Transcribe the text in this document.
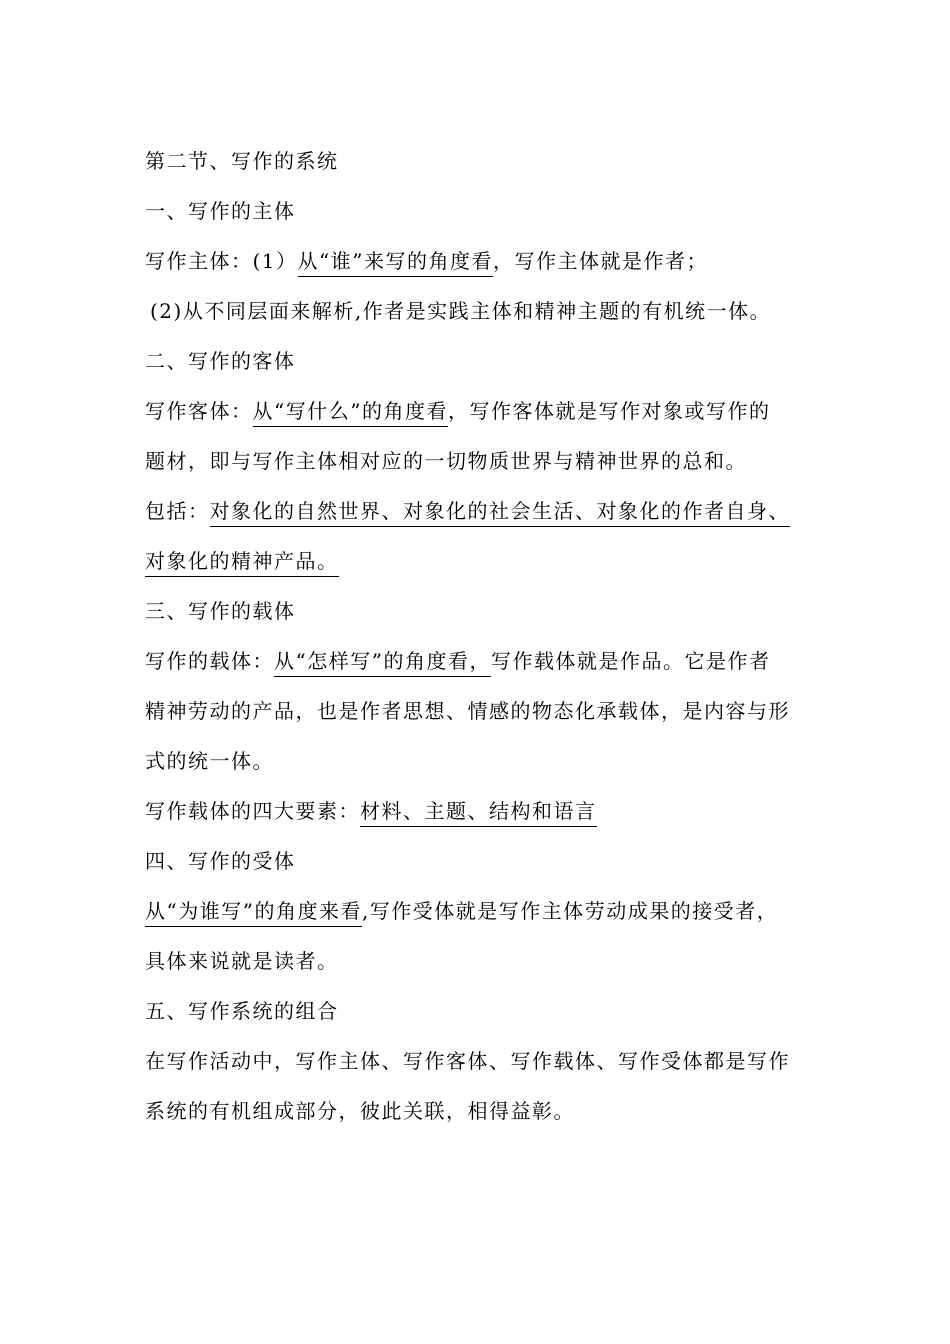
第二节、写作的系统
一、写作的主体
写作主体：(1）从“谁”来写的角度看，写作主体就是作者；
(2)从不同层面来解析,作者是实践主体和精神主题的有机统一体。
二、写作的客体
写作客体：从“写什么”的角度看，写作客体就是写作对象或写作的
题材，即与写作主体相对应的一切物质世界与精神世界的总和。
包括：对象化的自然世界、对象化的社会生活、对象化的作者自身、
对象化的精神产品。
三、写作的载体
写作的载体：从“怎样写”的角度看，写作载体就是作品。它是作者
精神劳动的产品，也是作者思想、情感的物态化承载体，是内容与形
式的统一体。
写作载体的四大要素：材料、主题、结构和语言
四、写作的受体
从“为谁写”的角度来看,写作受体就是写作主体劳动成果的接受者，
具体来说就是读者。
五、写作系统的组合
在写作活动中，写作主体、写作客体、写作载体、写作受体都是写作
系统的有机组成部分，彼此关联，相得益彰。
